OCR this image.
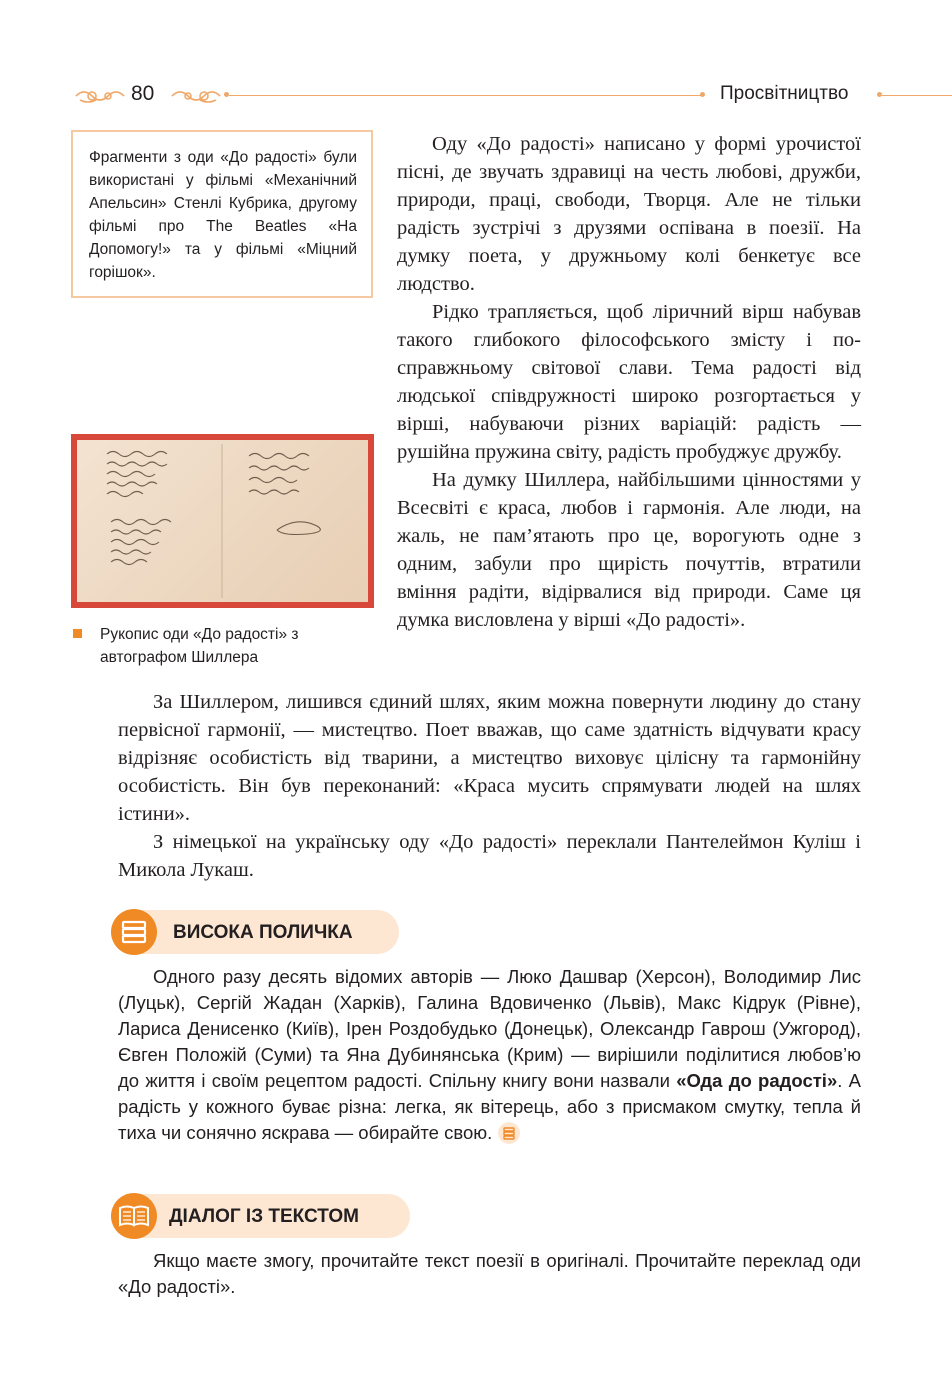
80	Просвітництво
Фрагменти з оди «До радості» були використані у фільмі «Механічний Апельсин» Стенлі Кубрика, другому фільмі про The Beatles «На Допомогу!» та у фільмі «Міцний горішок».
Рукопис оди «До радості» з автографом Шиллера

Оду «До радості» написано у формі урочистої пісні, де звучать здравиці на честь любові, дружби, природи, праці, свободи, Творця. Але не тільки радість зустрічі з друзями оспівана в поезії. На думку поета, у дружньому колі бенкетує все людство.

Рідко трапляється, щоб ліричний вірш набував такого глибокого філософського змісту і по-справжньому світової слави. Тема радості від людської співдружності широко розгортається у вірші, набуваючи різних варіацій: радість — рушійна пружина світу, радість пробуджує дружбу.

На думку Шиллера, найбільшими цінностями у Всесвіті є краса, любов і гармонія. Але люди, на жаль, не пам’ятають про це, ворогують одне з одним, забули про щирість почуттів, втратили вміння радіти, відірвалися від природи. Саме ця думка висловлена у вірші «До радості».

За Шиллером, лишився єдиний шлях, яким можна повернути людину до стану первісної гармонії, — мистецтво. Поет вважав, що саме здатність відчувати красу відрізняє особистість від тварини, а мистецтво виховує цілісну та гармонійну особистість. Він був переконаний: «Краса мусить спрямувати людей на шлях істини».

З німецької на українську оду «До радості» переклали Пантелеймон Куліш і Микола Лукаш.

ВИСОКА ПОЛИЧКА

Одного разу десять відомих авторів — Люко Дашвар (Херсон), Володимир Лис (Луцьк), Сергій Жадан (Харків), Галина Вдовиченко (Львів), Макс Кідрук (Рівне), Лариса Денисенко (Київ), Ірен Роздобудько (Донецьк), Олександр Гаврош (Ужгород), Євген Положій (Суми) та Яна Дубинянська (Крим) — вирішили поділитися любов’ю до життя і своїм рецептом радості. Спільну книгу вони назвали «Ода до радості». А радість у кожного буває різна: легка, як вітерець, або з присмаком смутку, тепла й тиха чи сонячно яскрава — обирайте свою.

ДІАЛОГ ІЗ ТЕКСТОМ

Якщо маєте змогу, прочитайте текст поезії в оригіналі. Прочитайте переклад оди «До радості».
